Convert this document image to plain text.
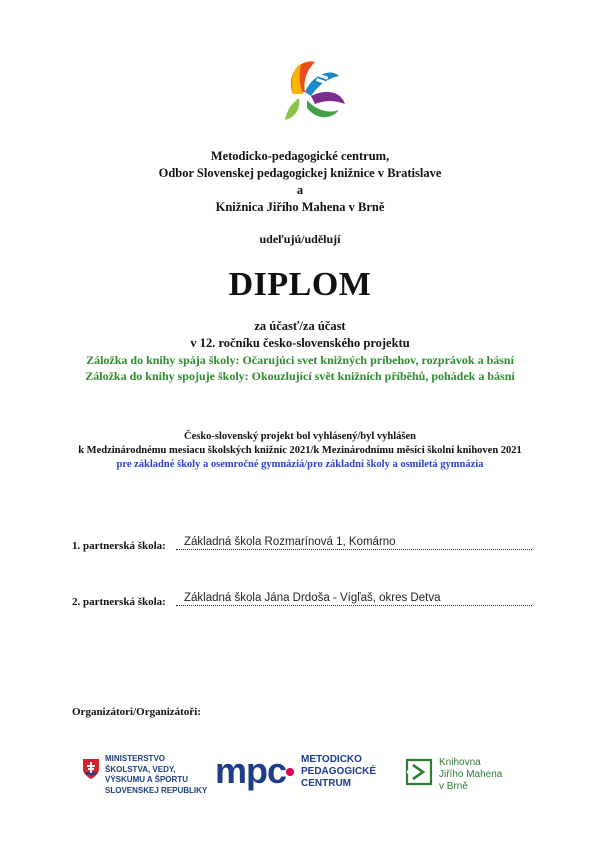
Metodicko-pedagogické centrum,
Odbor Slovenskej pedagogickej knižnice v Bratislave
a
Knižnica Jiřího Mahena v Brně
udeľujú/udělují
DIPLOM
za účasť/za účast
v 12. ročníku česko-slovenského projektu
Záložka do knihy spája školy: Očarujúci svet knižných príbehov, rozprávok a básní
Záložka do knihy spojuje školy: Okouzlující svět knižních příběhů, pohádek a básní
Česko-slovenský projekt bol vyhlásený/byl vyhlášen
k Medzinárodnému mesiacu školských knižníc 2021/k Mezinárodnímu měsíci školní knihoven 2021
pre základné školy a osemročné gymnáziá/pro základní školy a osmiletá gymnázia
1. partnerská škola: Základná škola Rozmarínová 1, Komárno
2. partnerská škola: Základná škola Jána Drdoša - Vígľaš, okres Detva
Organizátori/Organizátoři:
MINISTERSTVO
ŠKOLSTVA, VEDY,
VÝSKUMU A ŠPORTU
SLOVENSKEJ REPUBLIKY mpc METODICKO
PEDAGOGICKÉ
CENTRUM
Knihovna
Jiřího Mahena
v Brně
